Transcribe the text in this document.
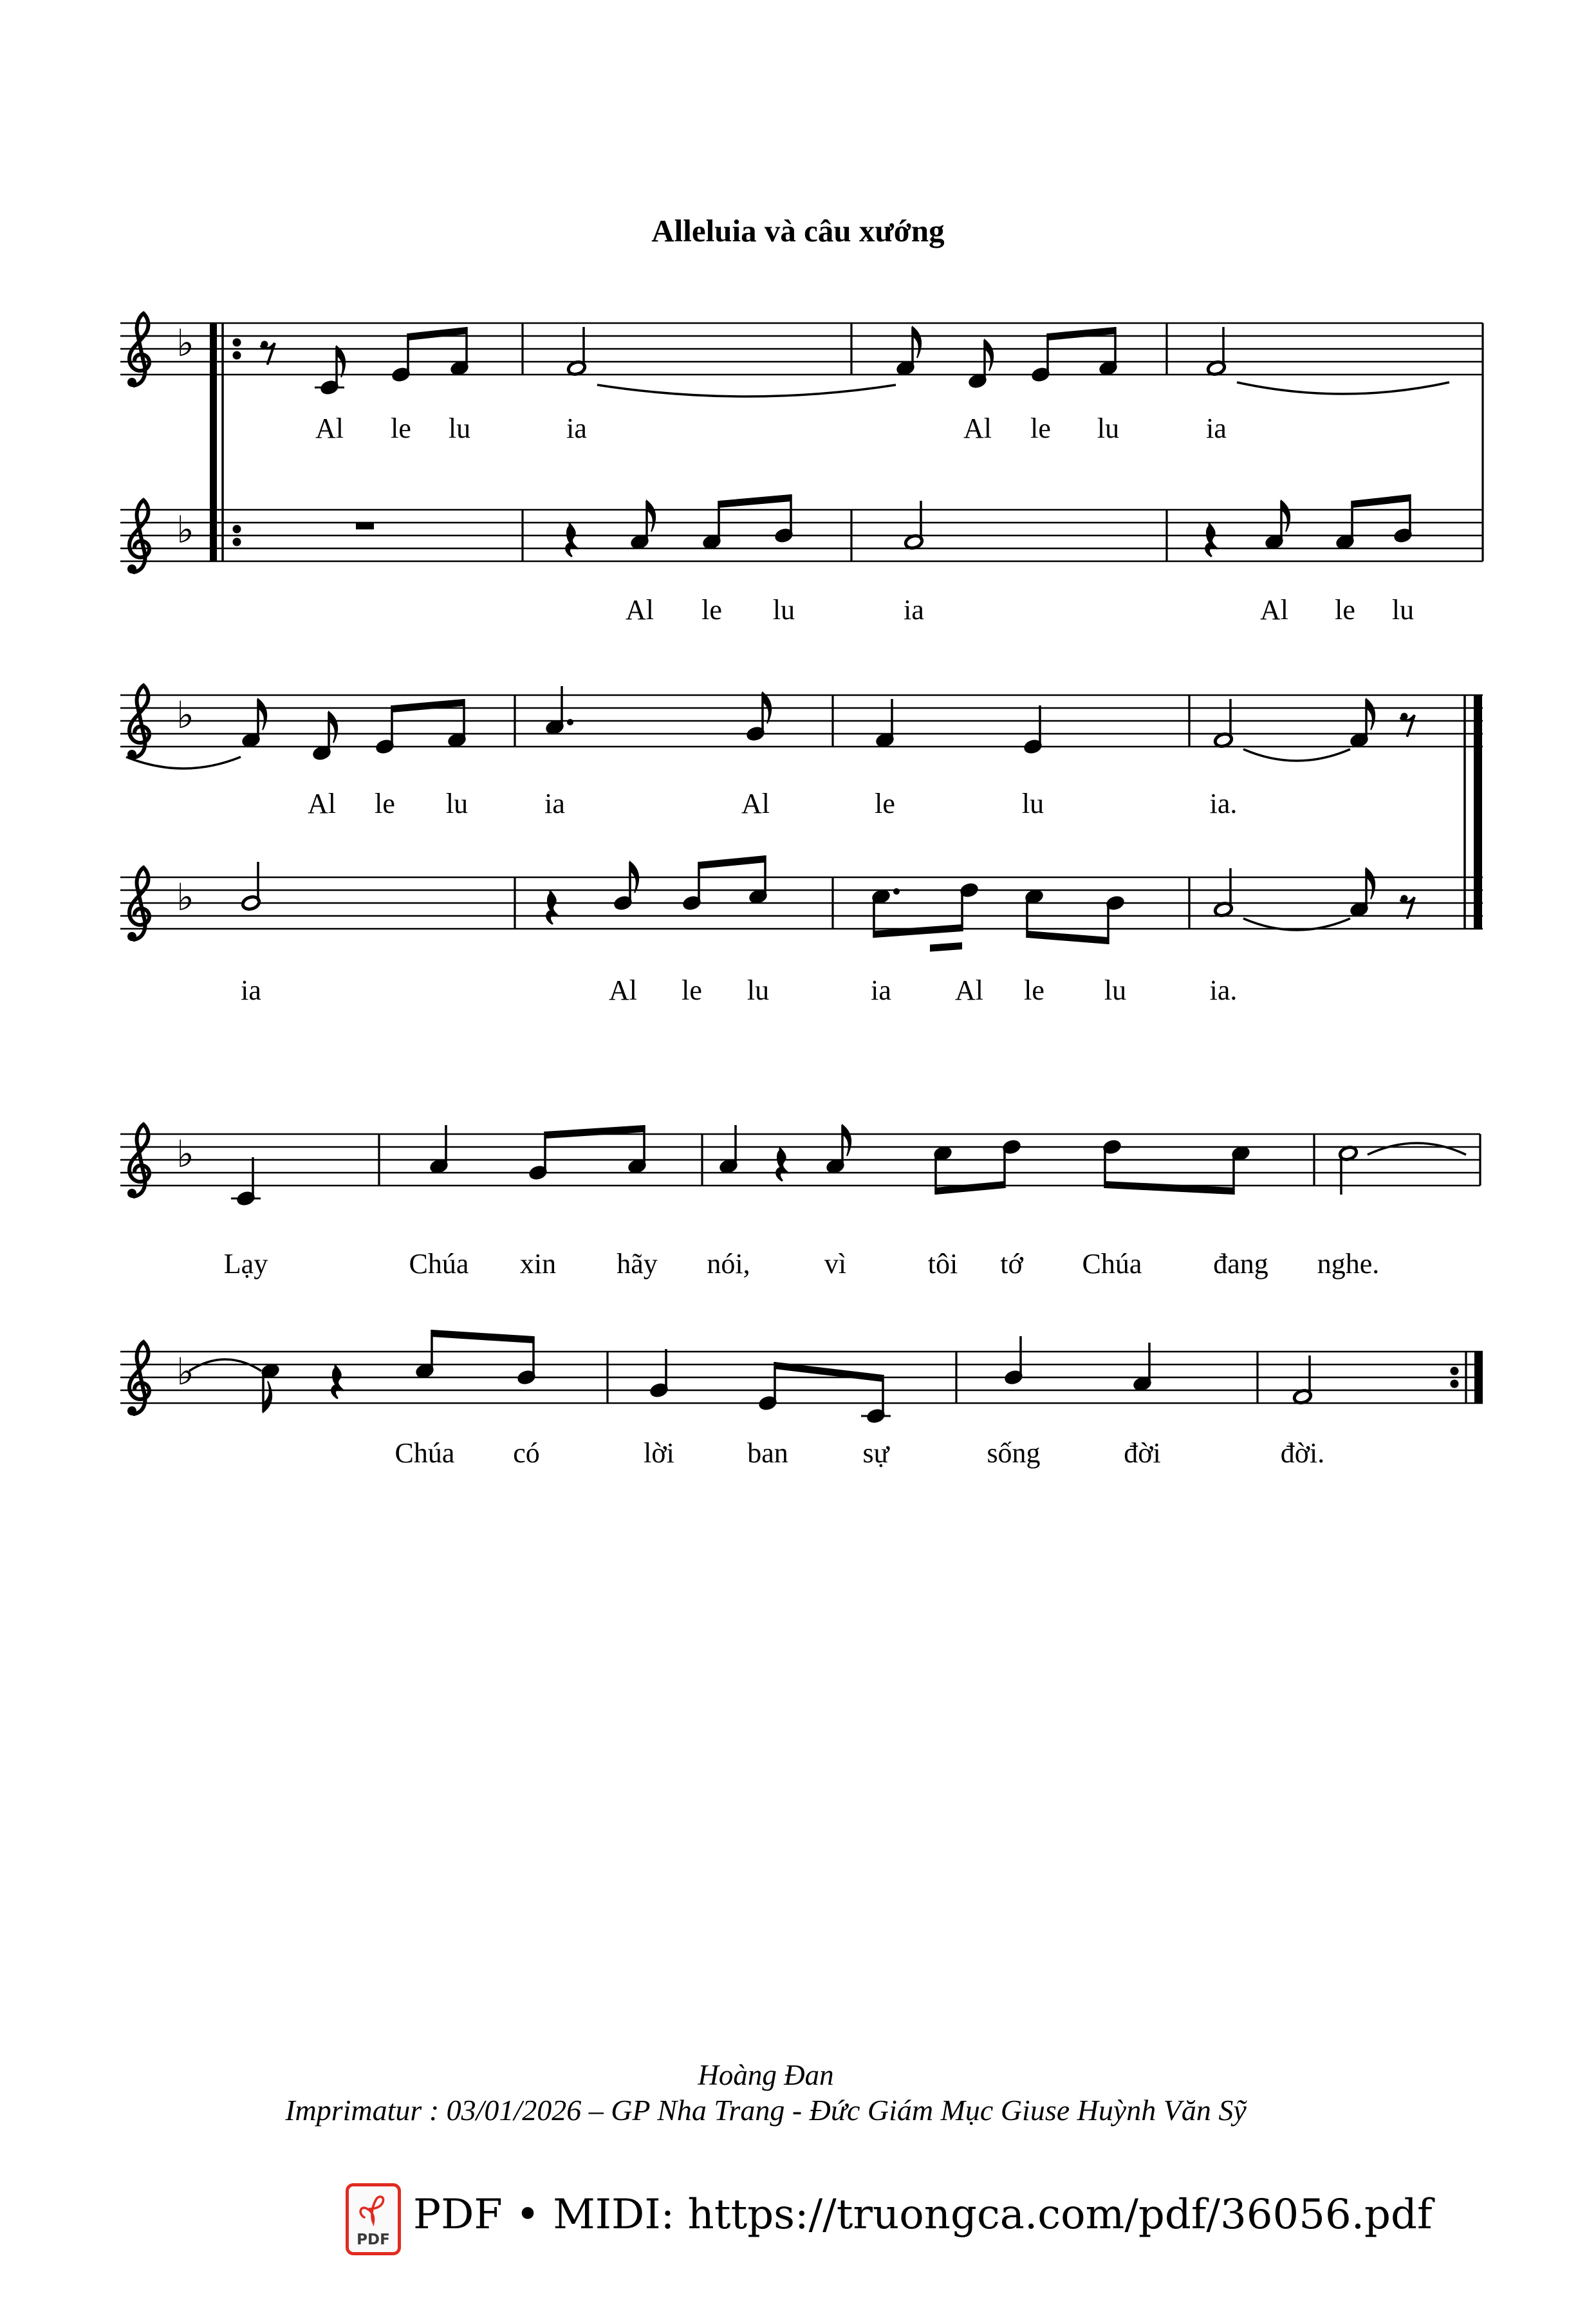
Alleluia và câu xướng
♭
Al le lu	ia	Al le lu	ia
♭
Al le lu	ia	Al le lu
♭
Al le lu	ia	Al	le	lu	ia.
♭
ia	Al le lu	ia Al le lu	ia.
♭
Lạy	Chúa xin hãy nói,	vì	tôi tớ Chúa	đang nghe.
♭
Chúa có	lời	ban	sự	sống	đời	đời.
Hoàng Đan
Imprimatur : 03/01/2026 – GP Nha Trang - Đức Giám Mục Giuse Huỳnh Văn Sỹ
PDF
PDF • MIDI: https://truongca.com/pdf/36056.pdf
